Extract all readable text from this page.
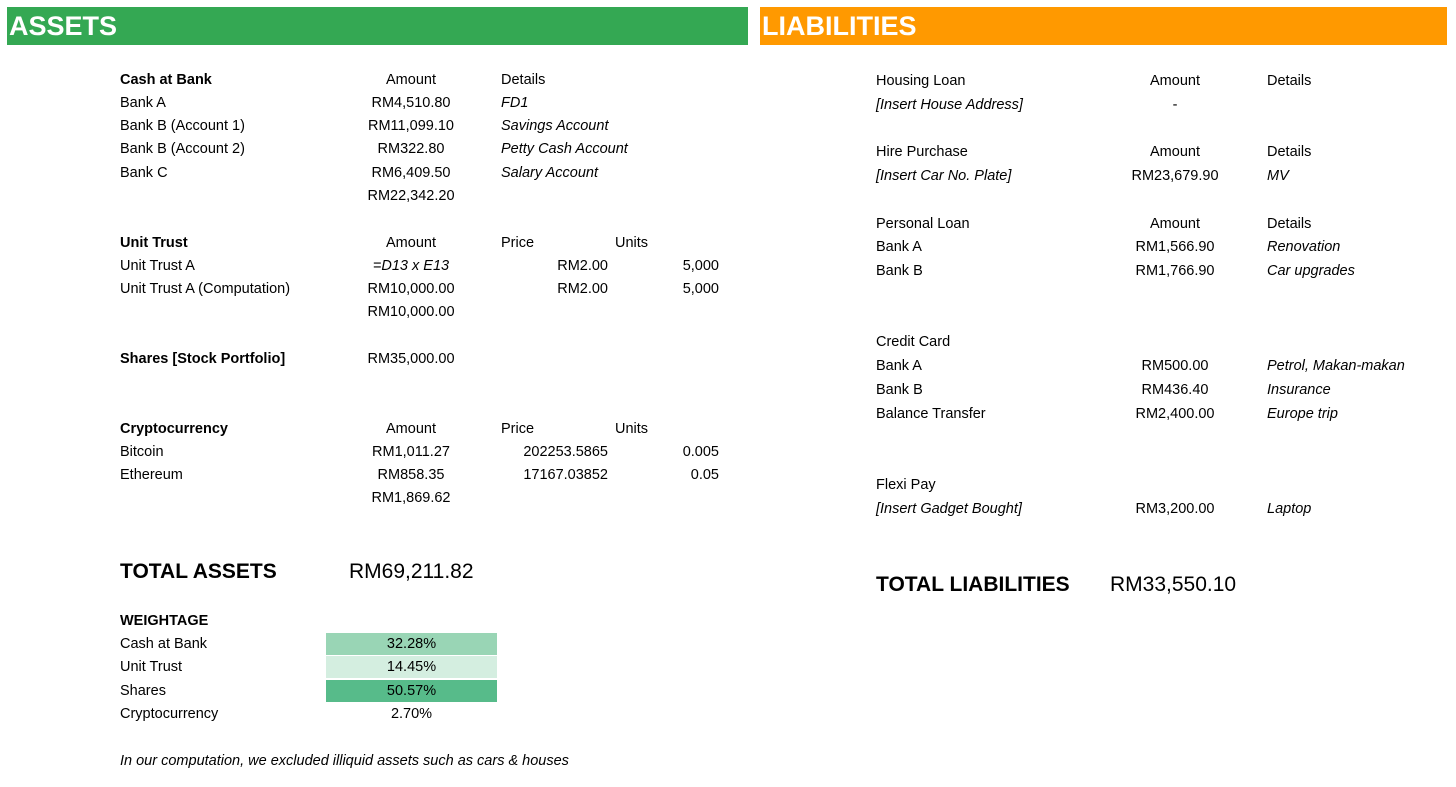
ASSETS	LIABILITIES
Cash at Bank	Amount	Details
Bank A	RM4,510.80	FD1
Bank B (Account 1)	RM11,099.10	Savings Account
Bank B (Account 2)	RM322.80	Petty Cash Account
Bank C	RM6,409.50	Salary Account
RM22,342.20
Unit Trust	Amount	Price	Units
Unit Trust A	=D13 x E13	RM2.00	5,000
Unit Trust A (Computation)	RM10,000.00	RM2.00	5,000
RM10,000.00
Shares [Stock Portfolio]	RM35,000.00
Cryptocurrency	Amount	Price	Units
Bitcoin	RM1,011.27	202253.5865	0.005
Ethereum	RM858.35	17167.03852	0.05
RM1,869.62
TOTAL ASSETS	RM69,211.82
WEIGHTAGE
Cash at Bank	32.28%
Unit Trust	14.45%
Shares	50.57%
Cryptocurrency	2.70%
In our computation, we excluded illiquid assets such as cars & houses
Housing Loan	Amount	Details
[Insert House Address]	-
Hire Purchase	Amount	Details
[Insert Car No. Plate]	RM23,679.90	MV
Personal Loan	Amount	Details
Bank A	RM1,566.90	Renovation
Bank B	RM1,766.90	Car upgrades
Credit Card
Bank A	RM500.00	Petrol, Makan-makan
Bank B	RM436.40	Insurance
Balance Transfer	RM2,400.00	Europe trip
Flexi Pay
[Insert Gadget Bought]	RM3,200.00	Laptop
TOTAL LIABILITIES RM33,550.10
